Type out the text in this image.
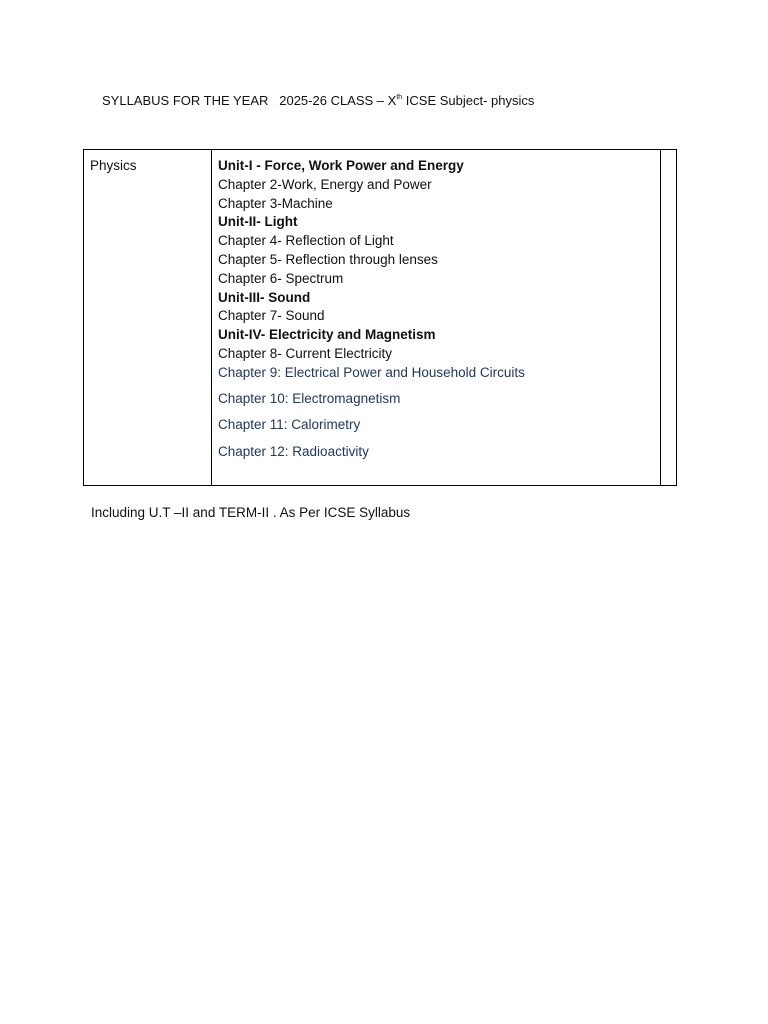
SYLLABUS FOR THE YEAR   2025-26 CLASS – Xth ICSE Subject- physics
Physics	Unit-I - Force, Work Power and Energy
Chapter 2-Work, Energy and Power
Chapter 3-Machine
Unit-II- Light
Chapter 4- Reflection of Light
Chapter 5- Reflection through lenses
Chapter 6- Spectrum
Unit-III- Sound
Chapter 7- Sound
Unit-IV- Electricity and Magnetism
Chapter 8- Current Electricity
Chapter 9: Electrical Power and Household Circuits
Chapter 10: Electromagnetism
Chapter 11: Calorimetry
Chapter 12: Radioactivity
Including U.T –II and TERM-II . As Per ICSE Syllabus
